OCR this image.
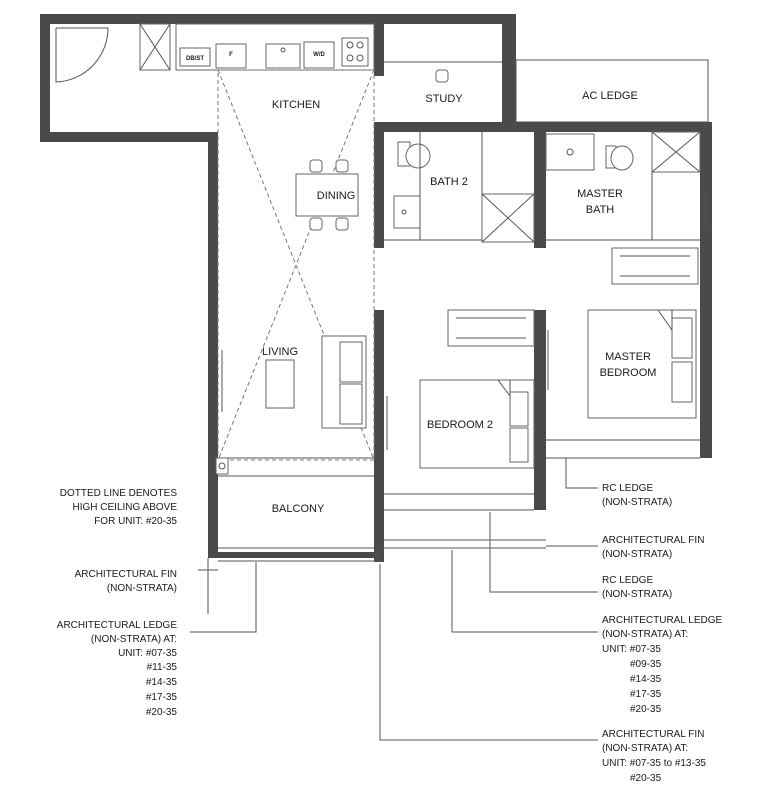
DB/ST
F	W/D
KITCHEN	STUDY	AC LEDGE
DINING
BATH 2
MASTER
BATH
LIVING	MASTER
BEDROOM
BEDROOM 2
BALCONY
DOTTED LINE DENOTES
HIGH CEILING ABOVE
FOR UNIT: #20-35
ARCHITECTURAL FIN
(NON-STRATA)
ARCHITECTURAL LEDGE
(NON-STRATA) AT:
UNIT: #07-35
#11-35
#14-35
#17-35
#20-35
RC LEDGE
(NON-STRATA)
ARCHITECTURAL FIN
(NON-STRATA)
RC LEDGE
(NON-STRATA)
ARCHITECTURAL LEDGE
(NON-STRATA) AT:
UNIT: #07-35
#09-35
#14-35
#17-35
#20-35
ARCHITECTURAL FIN
(NON-STRATA) AT:
UNIT: #07-35 to #13-35
#20-35
